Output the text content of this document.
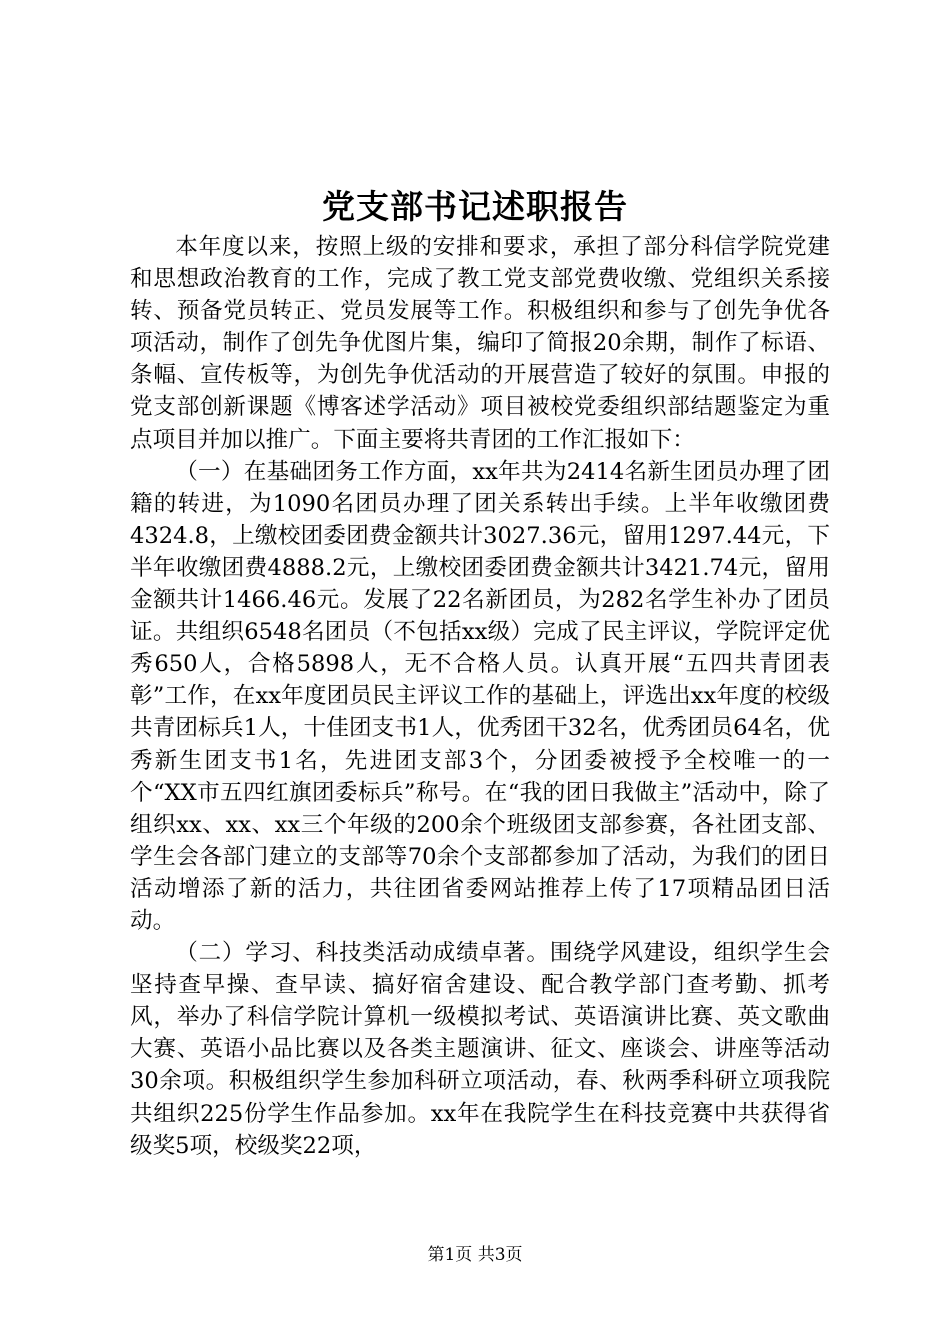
党支部书记述职报告

本年度以来，按照上级的安排和要求，承担了部分科信学院党建和思想政治教育的工作，完成了教工党支部党费收缴、党组织关系接转、预备党员转正、党员发展等工作。积极组织和参与了创先争优各项活动，制作了创先争优图片集，编印了简报20余期，制作了标语、条幅、宣传板等，为创先争优活动的开展营造了较好的氛围。申报的党支部创新课题《博客述学活动》项目被校党委组织部结题鉴定为重点项目并加以推广。下面主要将共青团的工作汇报如下：

（一）在基础团务工作方面，xx年共为2414名新生团员办理了团籍的转进，为1090名团员办理了团关系转出手续。上半年收缴团费4324.8，上缴校团委团费金额共计3027.36元，留用1297.44元，下半年收缴团费4888.2元，上缴校团委团费金额共计3421.74元，留用金额共计1466.46元。发展了22名新团员，为282名学生补办了团员证。共组织6548名团员（不包括xx级）完成了民主评议，学院评定优秀650人，合格5898人，无不合格人员。认真开展“五四共青团表彰”工作，在xx年度团员民主评议工作的基础上，评选出xx年度的校级共青团标兵1人，十佳团支书1人，优秀团干32名，优秀团员64名，优秀新生团支书1名，先进团支部3个，分团委被授予全校唯一的一个“XX市五四红旗团委标兵”称号。在“我的团日我做主”活动中，除了组织xx、xx、xx三个年级的200余个班级团支部参赛，各社团支部、学生会各部门建立的支部等70余个支部都参加了活动，为我们的团日活动增添了新的活力，共往团省委网站推荐上传了17项精品团日活动。

（二）学习、科技类活动成绩卓著。围绕学风建设，组织学生会坚持查早操、查早读、搞好宿舍建设、配合教学部门查考勤、抓考风，举办了科信学院计算机一级模拟考试、英语演讲比赛、英文歌曲大赛、英语小品比赛以及各类主题演讲、征文、座谈会、讲座等活动30余项。积极组织学生参加科研立项活动，春、秋两季科研立项我院共组织225份学生作品参加。xx年在我院学生在科技竞赛中共获得省级奖5项，校级奖22项，

第1页 共3页
